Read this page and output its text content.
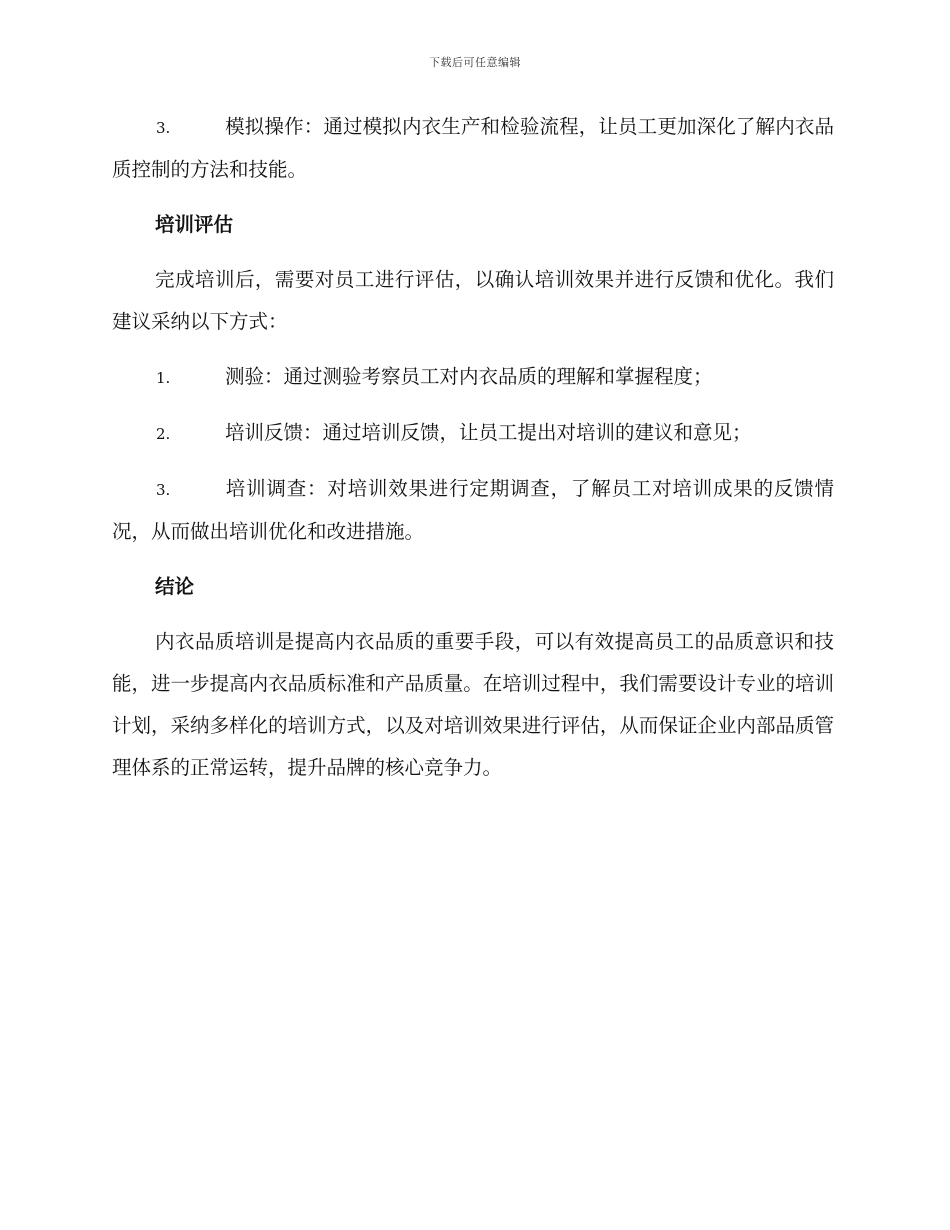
下载后可任意编辑
3.	模拟操作：通过模拟内衣生产和检验流程，让员工更加深化了解内衣品质控制的方法和技能。
培训评估
完成培训后，需要对员工进行评估，以确认培训效果并进行反馈和优化。我们建议采纳以下方式：
1.	测验：通过测验考察员工对内衣品质的理解和掌握程度；
2.	培训反馈：通过培训反馈，让员工提出对培训的建议和意见；
3.	培训调查：对培训效果进行定期调查，了解员工对培训成果的反馈情况，从而做出培训优化和改进措施。
结论
内衣品质培训是提高内衣品质的重要手段，可以有效提高员工的品质意识和技能，进一步提高内衣品质标准和产品质量。在培训过程中，我们需要设计专业的培训计划，采纳多样化的培训方式，以及对培训效果进行评估，从而保证企业内部品质管理体系的正常运转，提升品牌的核心竞争力。
